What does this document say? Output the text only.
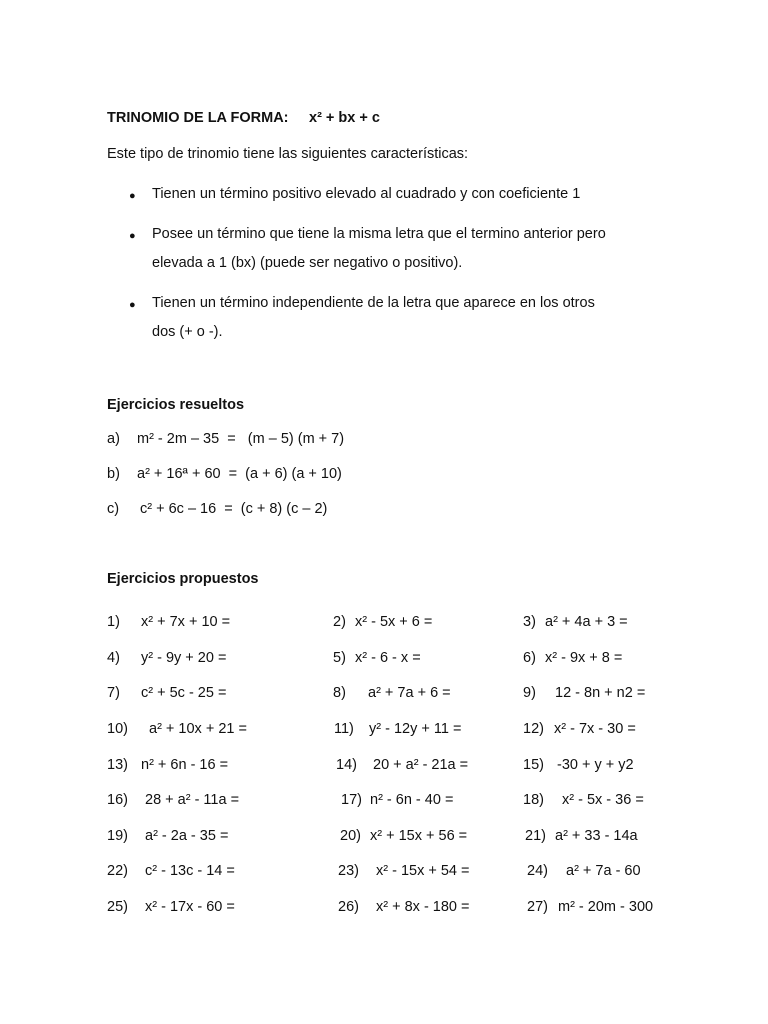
TRINOMIO DE LA FORMA: x² + bx + c
Este tipo de trinomio tiene las siguientes características:
● Tienen un término positivo elevado al cuadrado y con coeficiente 1
● Posee un término que tiene la misma letra que el termino anterior pero
elevada a 1 (bx) (puede ser negativo o positivo).
● Tienen un término independiente de la letra que aparece en los otros
dos (+ o -).
Ejercicios resueltos
a) m² - 2m – 35  =   (m – 5) (m + 7)
b) a² + 16ª + 60  =  (a + 6) (a + 10)
c) c² + 6c – 16  =  (c + 8) (c – 2)
Ejercicios propuestos
1) x² + 7x + 10 =	2) x² - 5x + 6 =	3) a² + 4a + 3 =
4) y² - 9y + 20 =	5) x² - 6 - x =	6) x² - 9x + 8 =
7) c² + 5c - 25 =	8) a² + 7a + 6 =	9) 12 - 8n + n2 =
10) a² + 10x + 21 =	11) y² - 12y + 11 =	12) x² - 7x - 30 =
13) n² + 6n - 16 =	14) 20 + a² - 21a =	15) -30 + y + y2
16) 28 + a² - 11a =	17) n² - 6n - 40 =	18) x² - 5x - 36 =
19) a² - 2a - 35 =	20) x² + 15x + 56 =	21) a² + 33 - 14a
22) c² - 13c - 14 =	23) x² - 15x + 54 =	24) a² + 7a - 60
25) x² - 17x - 60 =	26) x² + 8x - 180 =	27) m² - 20m - 300
